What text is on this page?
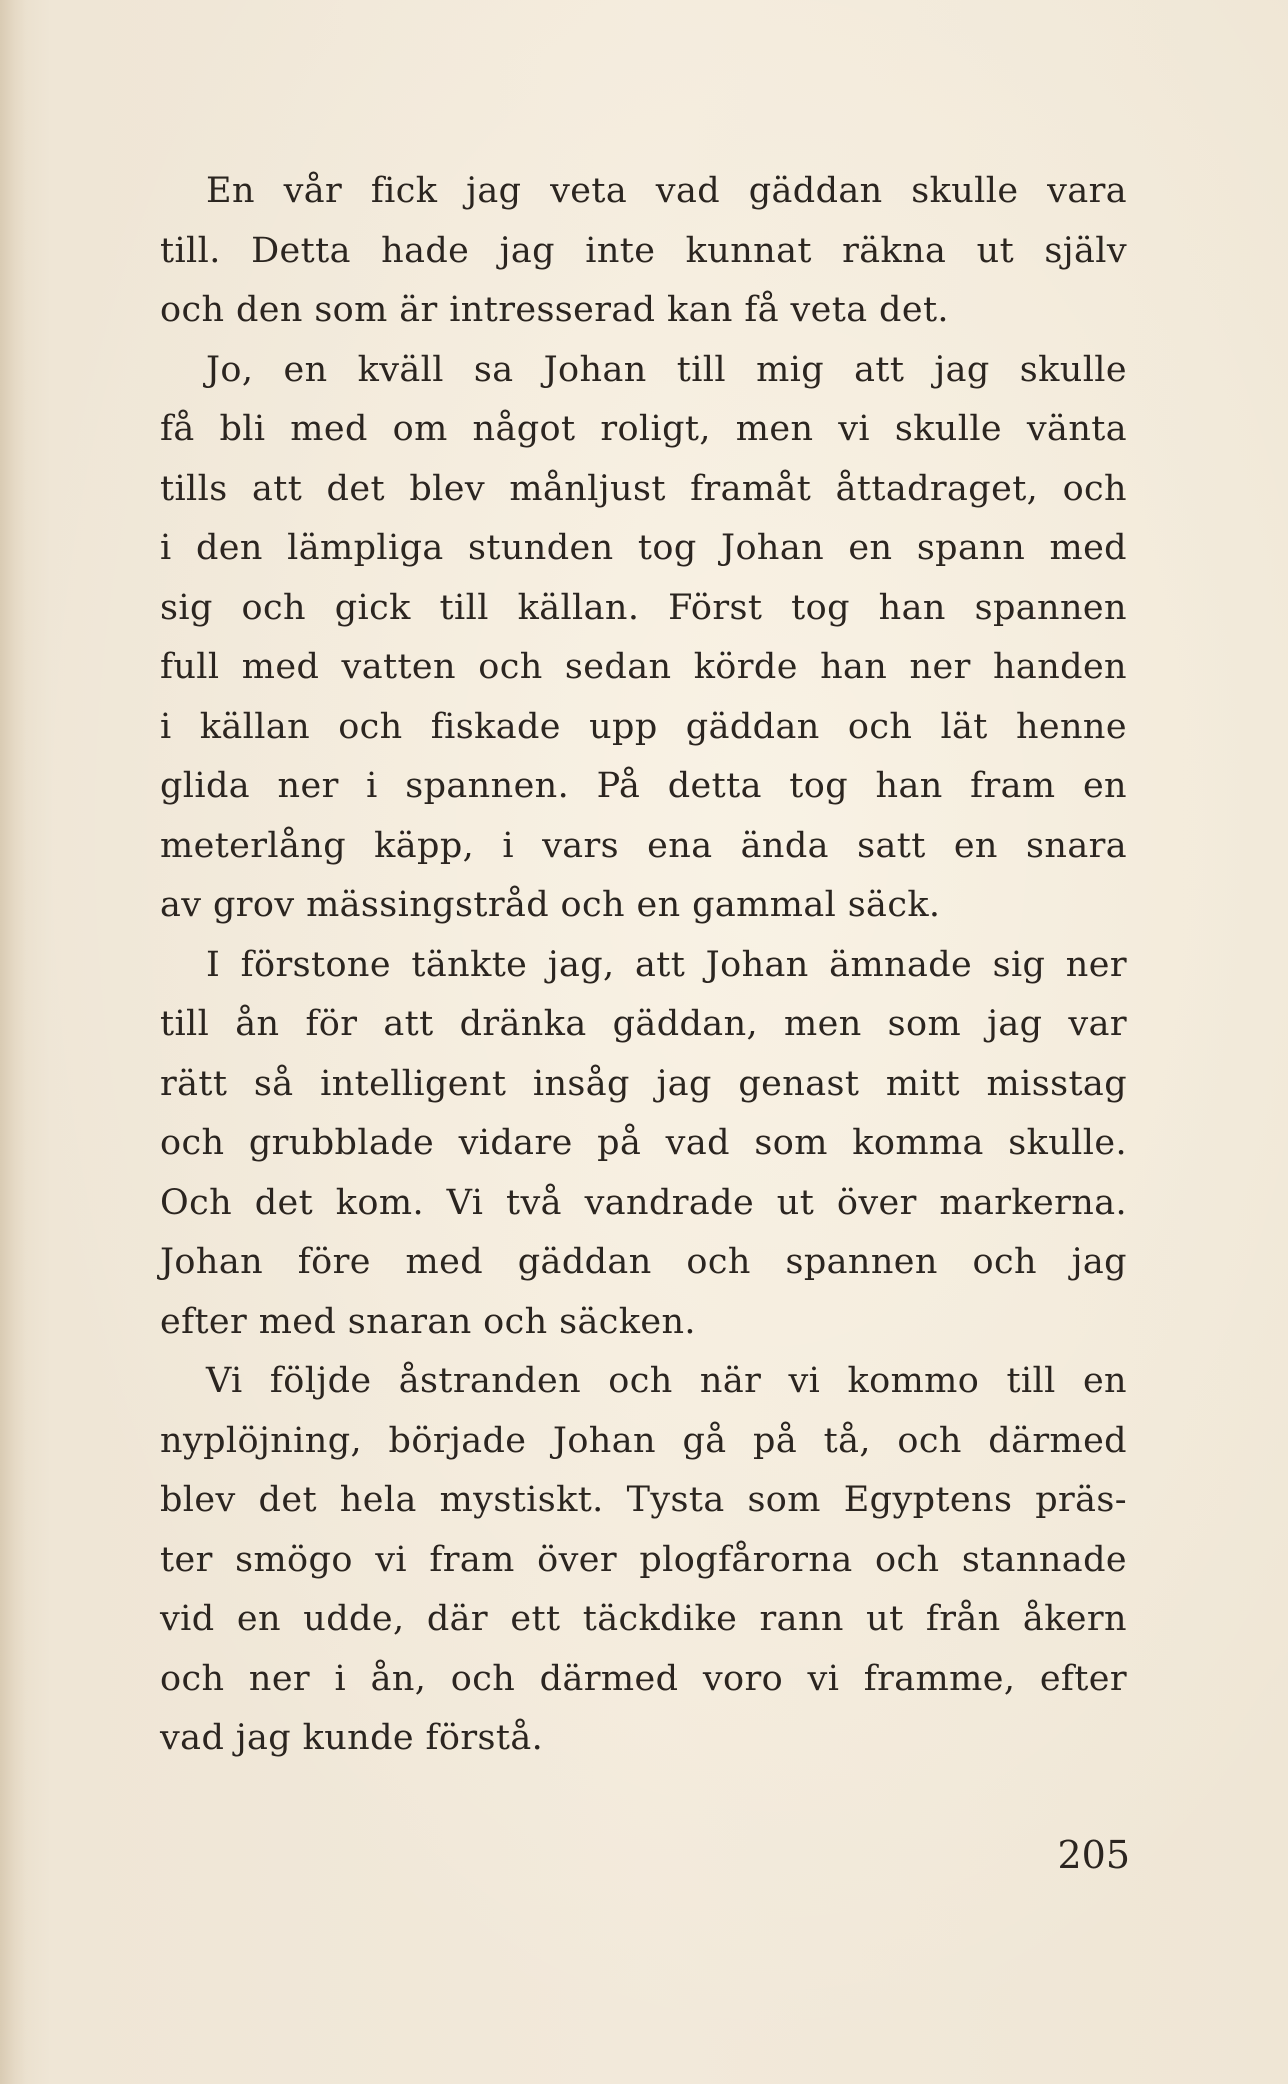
En vår fick jag veta vad gäddan skulle vara
till. Detta hade jag inte kunnat räkna ut själv
och den som är intresserad kan få veta det.
Jo, en kväll sa Johan till mig att jag skulle
få bli med om något roligt, men vi skulle vänta
tills att det blev månljust framåt åttadraget, och
i den lämpliga stunden tog Johan en spann med
sig och gick till källan. Först tog han spannen
full med vatten och sedan körde han ner handen
i källan och fiskade upp gäddan och lät henne
glida ner i spannen. På detta tog han fram en
meterlång käpp, i vars ena ända satt en snara
av grov mässingstråd och en gammal säck.
I förstone tänkte jag, att Johan ämnade sig ner
till ån för att dränka gäddan, men som jag var
rätt så intelligent insåg jag genast mitt misstag
och grubblade vidare på vad som komma skulle.
Och det kom. Vi två vandrade ut över markerna.
Johan före med gäddan och spannen och jag
efter med snaran och säcken.
Vi följde åstranden och när vi kommo till en
nyplöjning, började Johan gå på tå, och därmed
blev det hela mystiskt. Tysta som Egyptens präs-
ter smögo vi fram över plogfårorna och stannade
vid en udde, där ett täckdike rann ut från åkern
och ner i ån, och därmed voro vi framme, efter
vad jag kunde förstå.
205
